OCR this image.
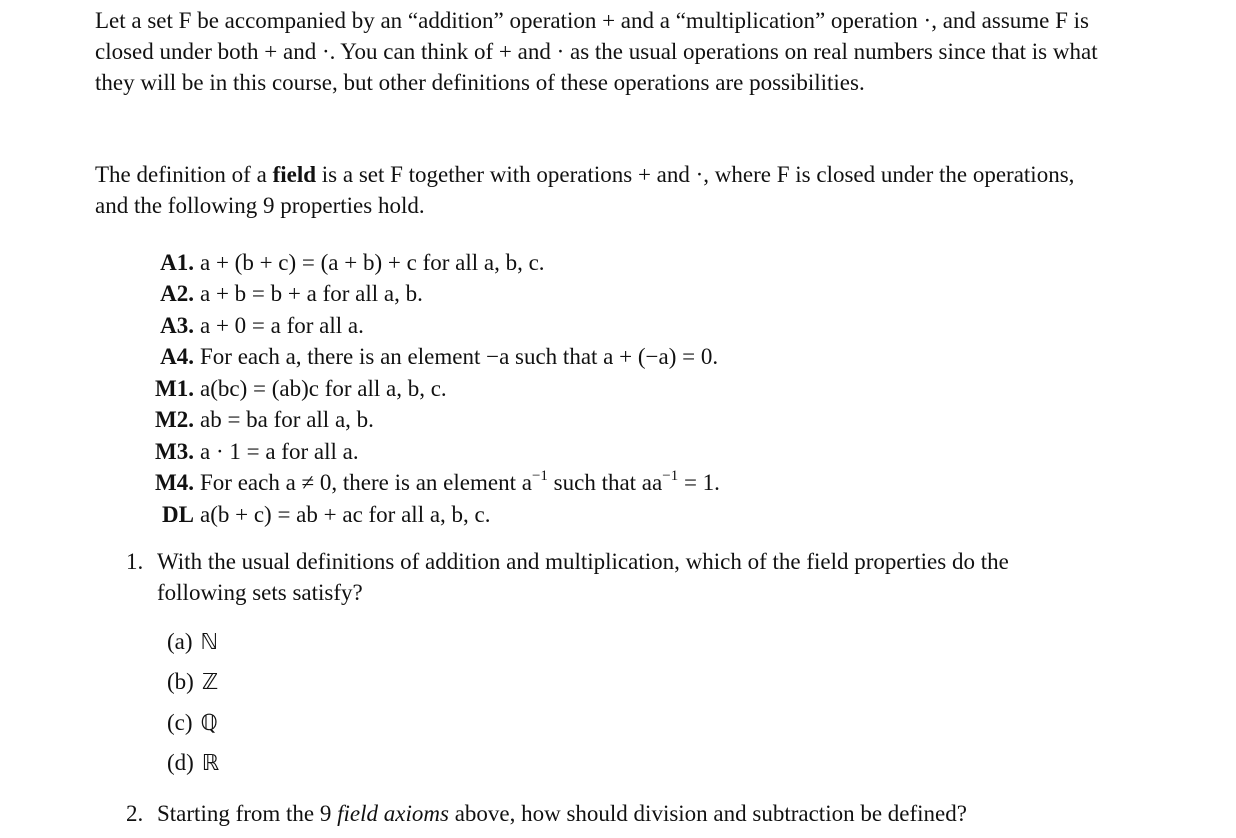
Let a set F be accompanied by an “addition” operation + and a “multiplication” operation ·, and assume F is closed under both + and ·. You can think of + and · as the usual operations on real numbers since that is what they will be in this course, but other definitions of these operations are possibilities.

The definition of a field is a set F together with operations + and ·, where F is closed under the operations, and the following 9 properties hold.

A1. a + (b + c) = (a + b) + c for all a, b, c.
A2. a + b = b + a for all a, b.
A3. a + 0 = a for all a.
A4. For each a, there is an element −a such that a + (−a) = 0.
M1. a(bc) = (ab)c for all a, b, c.
M2. ab = ba for all a, b.
M3. a · 1 = a for all a.
M4. For each a ≠ 0, there is an element $a^{-1}$ such that $aa^{-1} = 1$.
DL a(b + c) = ab + ac for all a, b, c.
1. With the usual definitions of addition and multiplication, which of the field properties do the following sets satisfy?
(a) ℕ
(b) ℤ
(c) ℚ
(d) ℝ
2. Starting from the 9 field axioms above, how should division and subtraction be defined?
